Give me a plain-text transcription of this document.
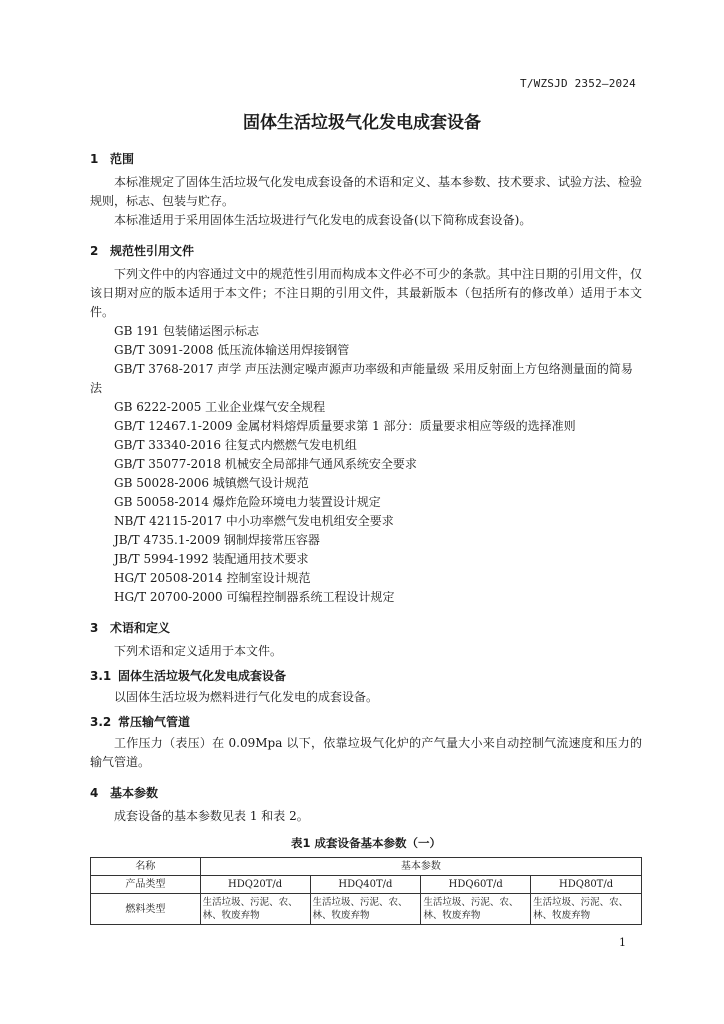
T/WZSJD 2352—2024
固体生活垃圾气化发电成套设备
1 范围

本标准规定了固体生活垃圾气化发电成套设备的术语和定义、基本参数、技术要求、试验方法、检验规则，标志、包装与贮存。

本标准适用于采用固体生活垃圾进行气化发电的成套设备(以下简称成套设备)。

2 规范性引用文件

下列文件中的内容通过文中的规范性引用而构成本文件必不可少的条款。其中注日期的引用文件，仅该日期对应的版本适用于本文件；不注日期的引用文件，其最新版本（包括所有的修改单）适用于本文件。

GB 191 包装储运图示标志
GB/T 3091-2008 低压流体输送用焊接钢管
GB/T 3768-2017 声学 声压法测定噪声源声功率级和声能量级 采用反射面上方包络测量面的简易法
GB 6222-2005 工业企业煤气安全规程
GB/T 12467.1-2009 金属材料熔焊质量要求第 1 部分：质量要求相应等级的选择准则
GB/T 33340-2016 往复式内燃燃气发电机组
GB/T 35077-2018 机械安全局部排气通风系统安全要求
GB 50028-2006 城镇燃气设计规范
GB 50058-2014 爆炸危险环境电力装置设计规定
NB/T 42115-2017 中小功率燃气发电机组安全要求
JB/T 4735.1-2009 钢制焊接常压容器
JB/T 5994-1992 装配通用技术要求
HG/T 20508-2014 控制室设计规范
HG/T 20700-2000 可编程控制器系统工程设计规定
3 术语和定义

下列术语和定义适用于本文件。

3.1 固体生活垃圾气化发电成套设备

以固体生活垃圾为燃料进行气化发电的成套设备。

3.2 常压输气管道

工作压力（表压）在 0.09Mpa 以下，依靠垃圾气化炉的产气量大小来自动控制气流速度和压力的输气管道。

4 基本参数

成套设备的基本参数见表 1 和表 2。

表1 成套设备基本参数（一）
名称	基本参数			
产品类型	HDQ20T/d	HDQ40T/d	HDQ60T/d	HDQ80T/d
燃料类型	生活垃圾、污泥、农、林、牧废弃物	生活垃圾、污泥、农、林、牧废弃物	生活垃圾、污泥、农、林、牧废弃物	生活垃圾、污泥、农、林、牧废弃物
1
